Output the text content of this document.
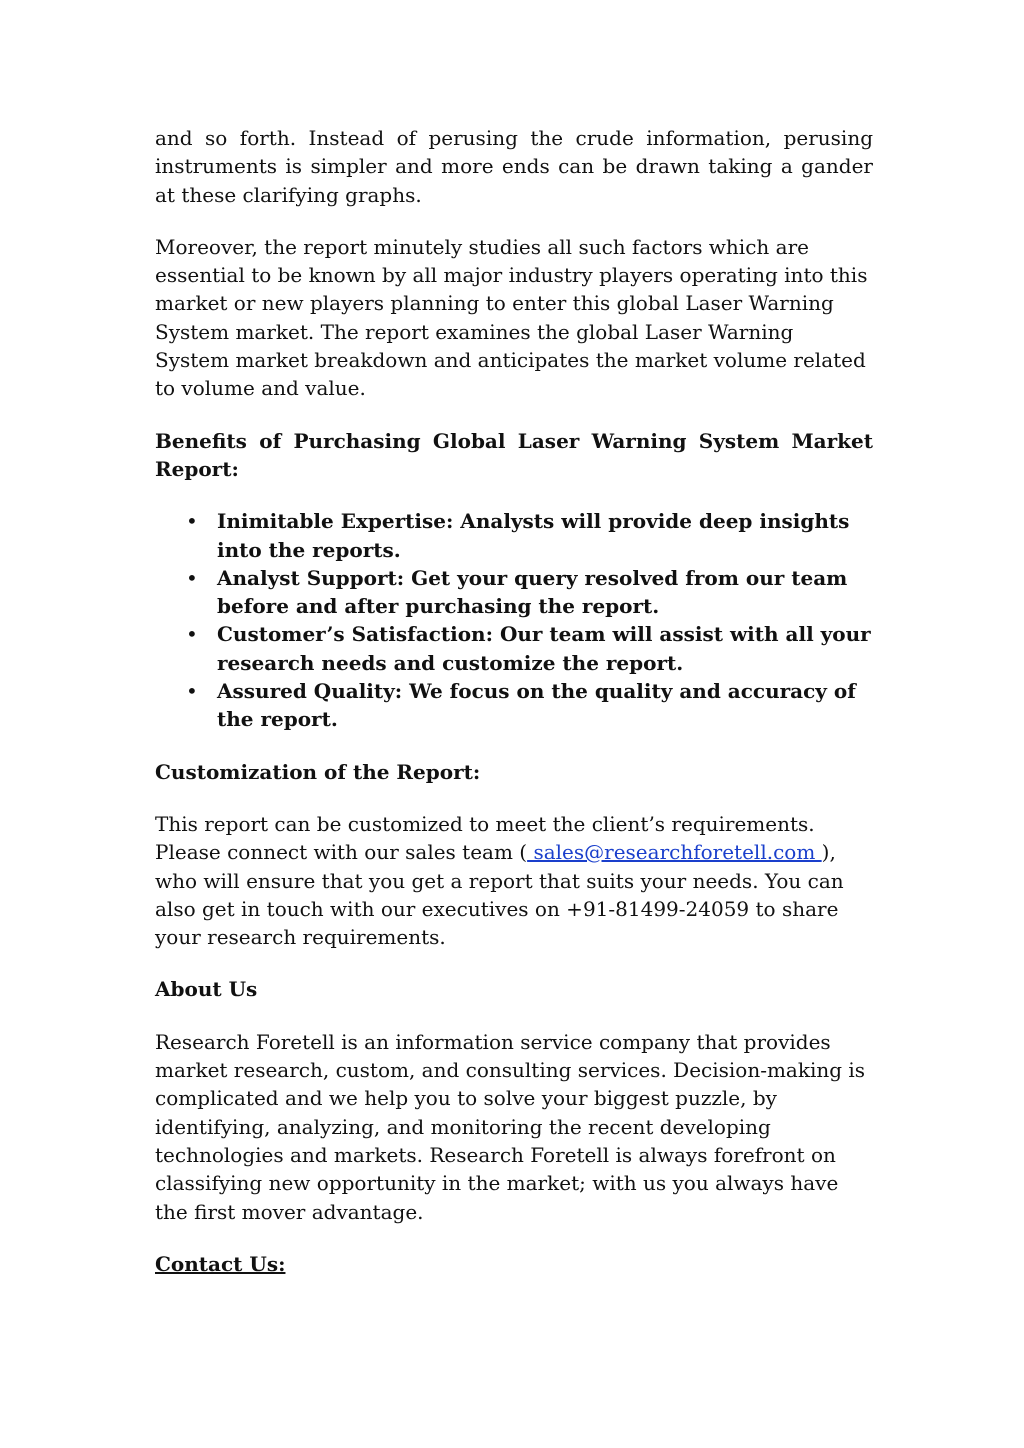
and so forth. Instead of perusing the crude information, perusing instruments is simpler and more ends can be drawn taking a gander at these clarifying graphs.

Moreover, the report minutely studies all such factors which are essential to be known by all major industry players operating into this market or new players planning to enter this global Laser Warning System market. The report examines the global Laser Warning System market breakdown and anticipates the market volume related to volume and value.

Benefits of Purchasing Global Laser Warning System Market Report:

• Inimitable Expertise: Analysts will provide deep insights into the reports.
• Analyst Support: Get your query resolved from our team before and after purchasing the report.
• Customer’s Satisfaction: Our team will assist with all your research needs and customize the report.
• Assured Quality: We focus on the quality and accuracy of the report.

Customization of the Report:

This report can be customized to meet the client’s requirements. Please connect with our sales team ( sales@researchforetell.com ), who will ensure that you get a report that suits your needs. You can also get in touch with our executives on +91-81499-24059 to share your research requirements.

About Us

Research Foretell is an information service company that provides market research, custom, and consulting services. Decision-making is complicated and we help you to solve your biggest puzzle, by identifying, analyzing, and monitoring the recent developing technologies and markets. Research Foretell is always forefront on classifying new opportunity in the market; with us you always have the first mover advantage.

Contact Us:
